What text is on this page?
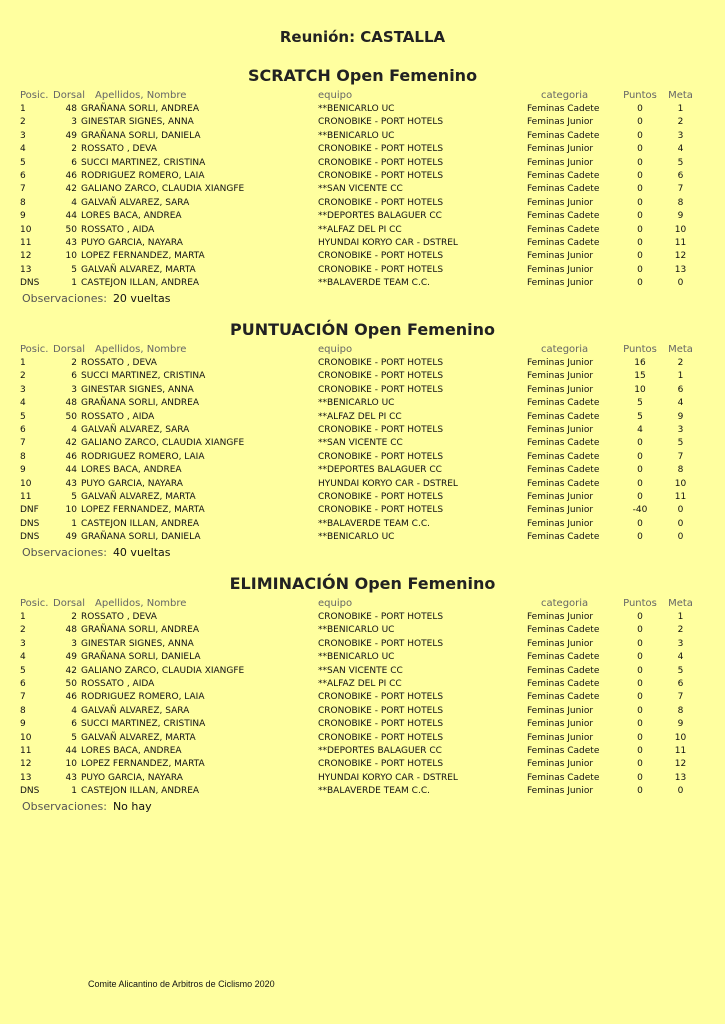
Reunión: CASTALLA
SCRATCH Open Femenino
Posic.	Dorsal	Apellidos, Nombre	equipo	categoria	Puntos	Meta
1	48	GRAÑANA SORLI, ANDREA	**BENICARLO UC	Feminas Cadete	0	1
2	3	GINESTAR SIGNES, ANNA	CRONOBIKE - PORT HOTELS	Feminas Junior	0	2
3	49	GRAÑANA SORLI, DANIELA	**BENICARLO UC	Feminas Cadete	0	3
4	2	ROSSATO , DEVA	CRONOBIKE - PORT HOTELS	Feminas Junior	0	4
5	6	SUCCI MARTINEZ, CRISTINA	CRONOBIKE - PORT HOTELS	Feminas Junior	0	5
6	46	RODRIGUEZ ROMERO, LAIA	CRONOBIKE - PORT HOTELS	Feminas Cadete	0	6
7	42	GALIANO ZARCO, CLAUDIA XIANGFE	**SAN VICENTE CC	Feminas Cadete	0	7
8	4	GALVAÑ ALVAREZ, SARA	CRONOBIKE - PORT HOTELS	Feminas Junior	0	8
9	44	LORES BACA, ANDREA	**DEPORTES BALAGUER CC	Feminas Cadete	0	9
10	50	ROSSATO , AIDA	**ALFAZ DEL PI CC	Feminas Cadete	0	10
11	43	PUYO GARCIA, NAYARA	HYUNDAI KORYO CAR - DSTREL	Feminas Cadete	0	11
12	10	LOPEZ FERNANDEZ, MARTA	CRONOBIKE - PORT HOTELS	Feminas Junior	0	12
13	5	GALVAÑ ALVAREZ, MARTA	CRONOBIKE - PORT HOTELS	Feminas Junior	0	13
DNS	1	CASTEJON ILLAN, ANDREA	**BALAVERDE TEAM C.C.	Feminas Junior	0	0
Observaciones: 20 vueltas
PUNTUACIÓN Open Femenino
Posic.	Dorsal	Apellidos, Nombre	equipo	categoria	Puntos	Meta
1	2	ROSSATO , DEVA	CRONOBIKE - PORT HOTELS	Feminas Junior	16	2
2	6	SUCCI MARTINEZ, CRISTINA	CRONOBIKE - PORT HOTELS	Feminas Junior	15	1
3	3	GINESTAR SIGNES, ANNA	CRONOBIKE - PORT HOTELS	Feminas Junior	10	6
4	48	GRAÑANA SORLI, ANDREA	**BENICARLO UC	Feminas Cadete	5	4
5	50	ROSSATO , AIDA	**ALFAZ DEL PI CC	Feminas Cadete	5	9
6	4	GALVAÑ ALVAREZ, SARA	CRONOBIKE - PORT HOTELS	Feminas Junior	4	3
7	42	GALIANO ZARCO, CLAUDIA XIANGFE	**SAN VICENTE CC	Feminas Cadete	0	5
8	46	RODRIGUEZ ROMERO, LAIA	CRONOBIKE - PORT HOTELS	Feminas Cadete	0	7
9	44	LORES BACA, ANDREA	**DEPORTES BALAGUER CC	Feminas Cadete	0	8
10	43	PUYO GARCIA, NAYARA	HYUNDAI KORYO CAR - DSTREL	Feminas Cadete	0	10
11	5	GALVAÑ ALVAREZ, MARTA	CRONOBIKE - PORT HOTELS	Feminas Junior	0	11
DNF	10	LOPEZ FERNANDEZ, MARTA	CRONOBIKE - PORT HOTELS	Feminas Junior	-40	0
DNS	1	CASTEJON ILLAN, ANDREA	**BALAVERDE TEAM C.C.	Feminas Junior	0	0
DNS	49	GRAÑANA SORLI, DANIELA	**BENICARLO UC	Feminas Cadete	0	0
Observaciones: 40 vueltas
ELIMINACIÓN Open Femenino
Posic.	Dorsal	Apellidos, Nombre	equipo	categoria	Puntos	Meta
1	2	ROSSATO , DEVA	CRONOBIKE - PORT HOTELS	Feminas Junior	0	1
2	48	GRAÑANA SORLI, ANDREA	**BENICARLO UC	Feminas Cadete	0	2
3	3	GINESTAR SIGNES, ANNA	CRONOBIKE - PORT HOTELS	Feminas Junior	0	3
4	49	GRAÑANA SORLI, DANIELA	**BENICARLO UC	Feminas Cadete	0	4
5	42	GALIANO ZARCO, CLAUDIA XIANGFE	**SAN VICENTE CC	Feminas Cadete	0	5
6	50	ROSSATO , AIDA	**ALFAZ DEL PI CC	Feminas Cadete	0	6
7	46	RODRIGUEZ ROMERO, LAIA	CRONOBIKE - PORT HOTELS	Feminas Cadete	0	7
8	4	GALVAÑ ALVAREZ, SARA	CRONOBIKE - PORT HOTELS	Feminas Junior	0	8
9	6	SUCCI MARTINEZ, CRISTINA	CRONOBIKE - PORT HOTELS	Feminas Junior	0	9
10	5	GALVAÑ ALVAREZ, MARTA	CRONOBIKE - PORT HOTELS	Feminas Junior	0	10
11	44	LORES BACA, ANDREA	**DEPORTES BALAGUER CC	Feminas Cadete	0	11
12	10	LOPEZ FERNANDEZ, MARTA	CRONOBIKE - PORT HOTELS	Feminas Junior	0	12
13	43	PUYO GARCIA, NAYARA	HYUNDAI KORYO CAR - DSTREL	Feminas Cadete	0	13
DNS	1	CASTEJON ILLAN, ANDREA	**BALAVERDE TEAM C.C.	Feminas Junior	0	0
Observaciones: No hay
Comite Alicantino de Arbitros de Ciclismo 2020
